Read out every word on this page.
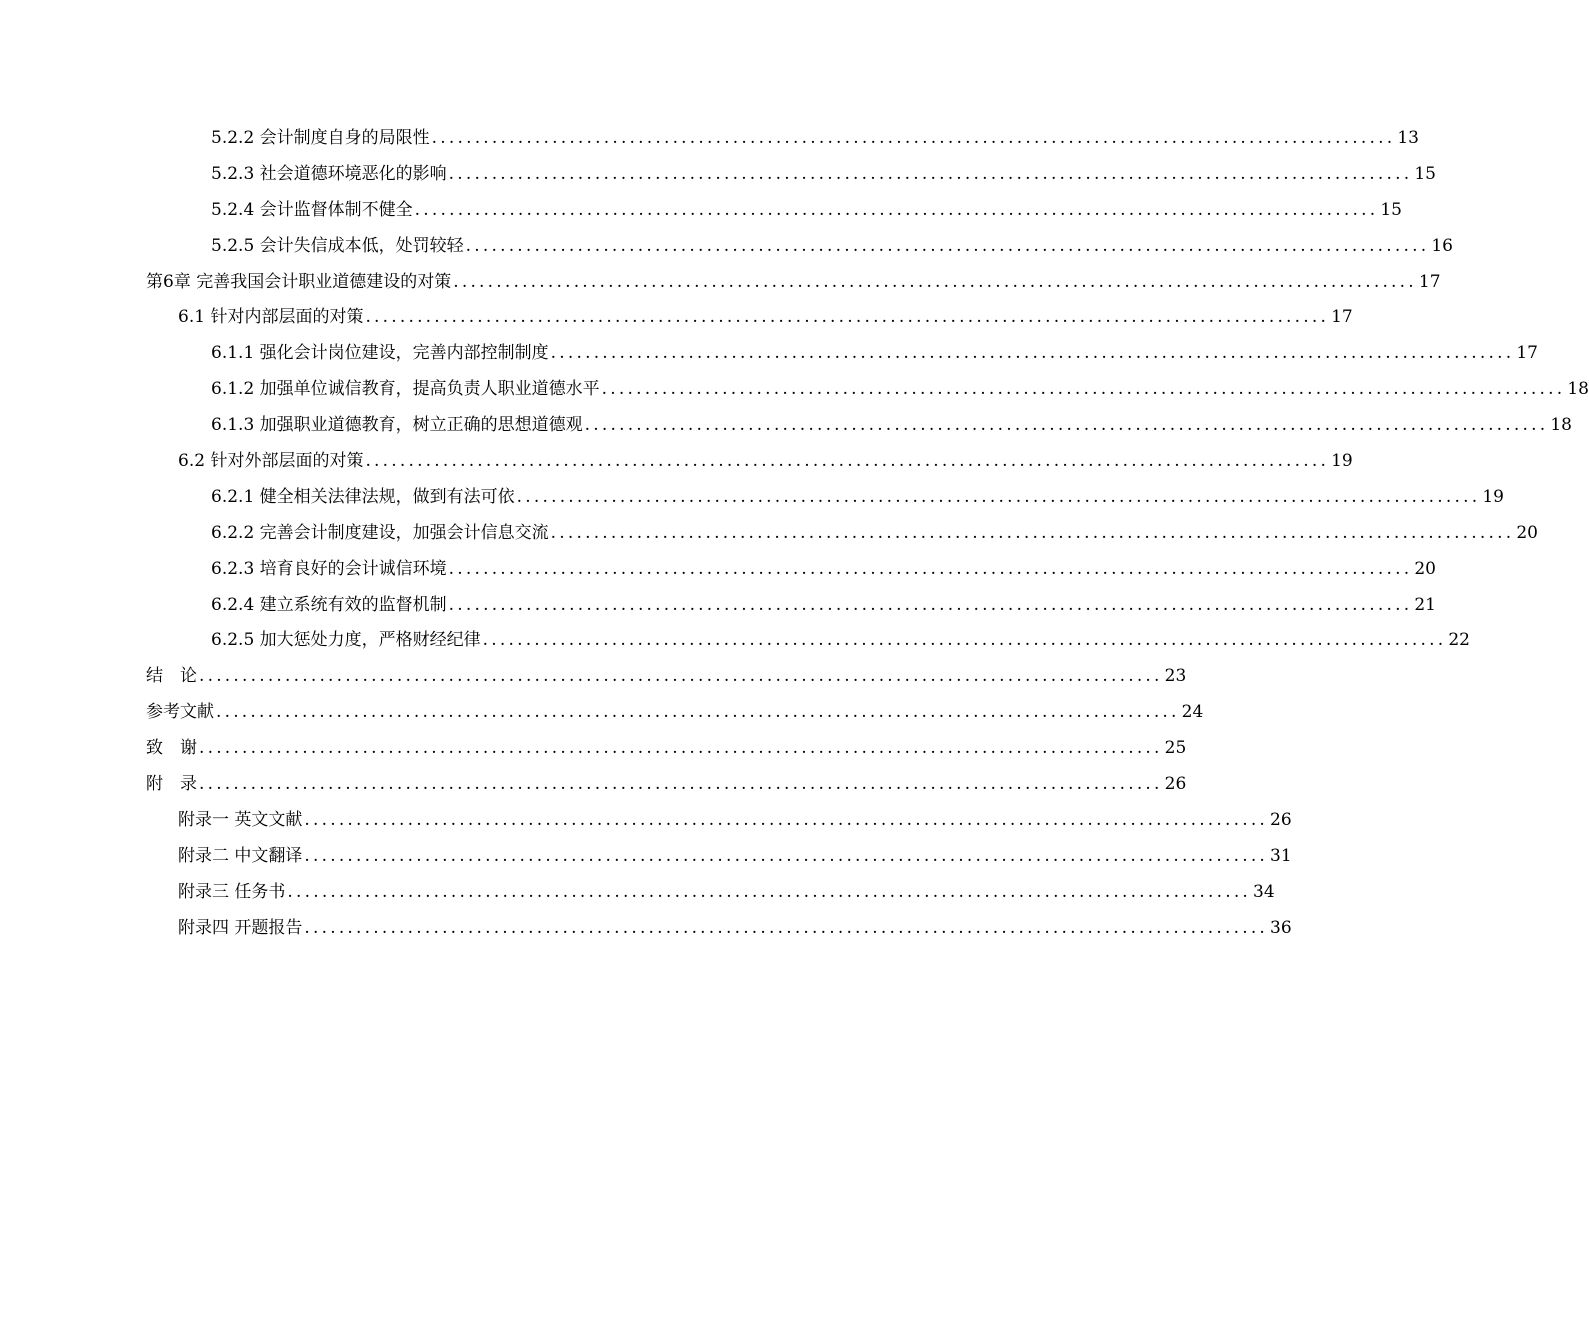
5.2.2 会计制度自身的局限性 ................................................................................................................ 13
5.2.3 社会道德环境恶化的影响 ................................................................................................................ 15
5.2.4 会计监督体制不健全 ................................................................................................................ 15
5.2.5 会计失信成本低，处罚较轻 ................................................................................................................ 16
第6章 完善我国会计职业道德建设的对策 ................................................................................................................ 17
6.1 针对内部层面的对策 ................................................................................................................ 17
6.1.1 强化会计岗位建设，完善内部控制制度 ................................................................................................................ 17
6.1.2 加强单位诚信教育，提高负责人职业道德水平 ................................................................................................................ 18
6.1.3 加强职业道德教育，树立正确的思想道德观 ................................................................................................................ 18
6.2 针对外部层面的对策 ................................................................................................................ 19
6.2.1 健全相关法律法规，做到有法可依 ................................................................................................................ 19
6.2.2 完善会计制度建设，加强会计信息交流 ................................................................................................................ 20
6.2.3 培育良好的会计诚信环境 ................................................................................................................ 20
6.2.4 建立系统有效的监督机制 ................................................................................................................ 21
6.2.5 加大惩处力度，严格财经纪律 ................................................................................................................ 22
结　论 ................................................................................................................ 23
参考文献 ................................................................................................................ 24
致　谢 ................................................................................................................ 25
附　录 ................................................................................................................ 26
附录一 英文文献 ................................................................................................................ 26
附录二 中文翻译 ................................................................................................................ 31
附录三 任务书 ................................................................................................................ 34
附录四 开题报告 ................................................................................................................ 36
